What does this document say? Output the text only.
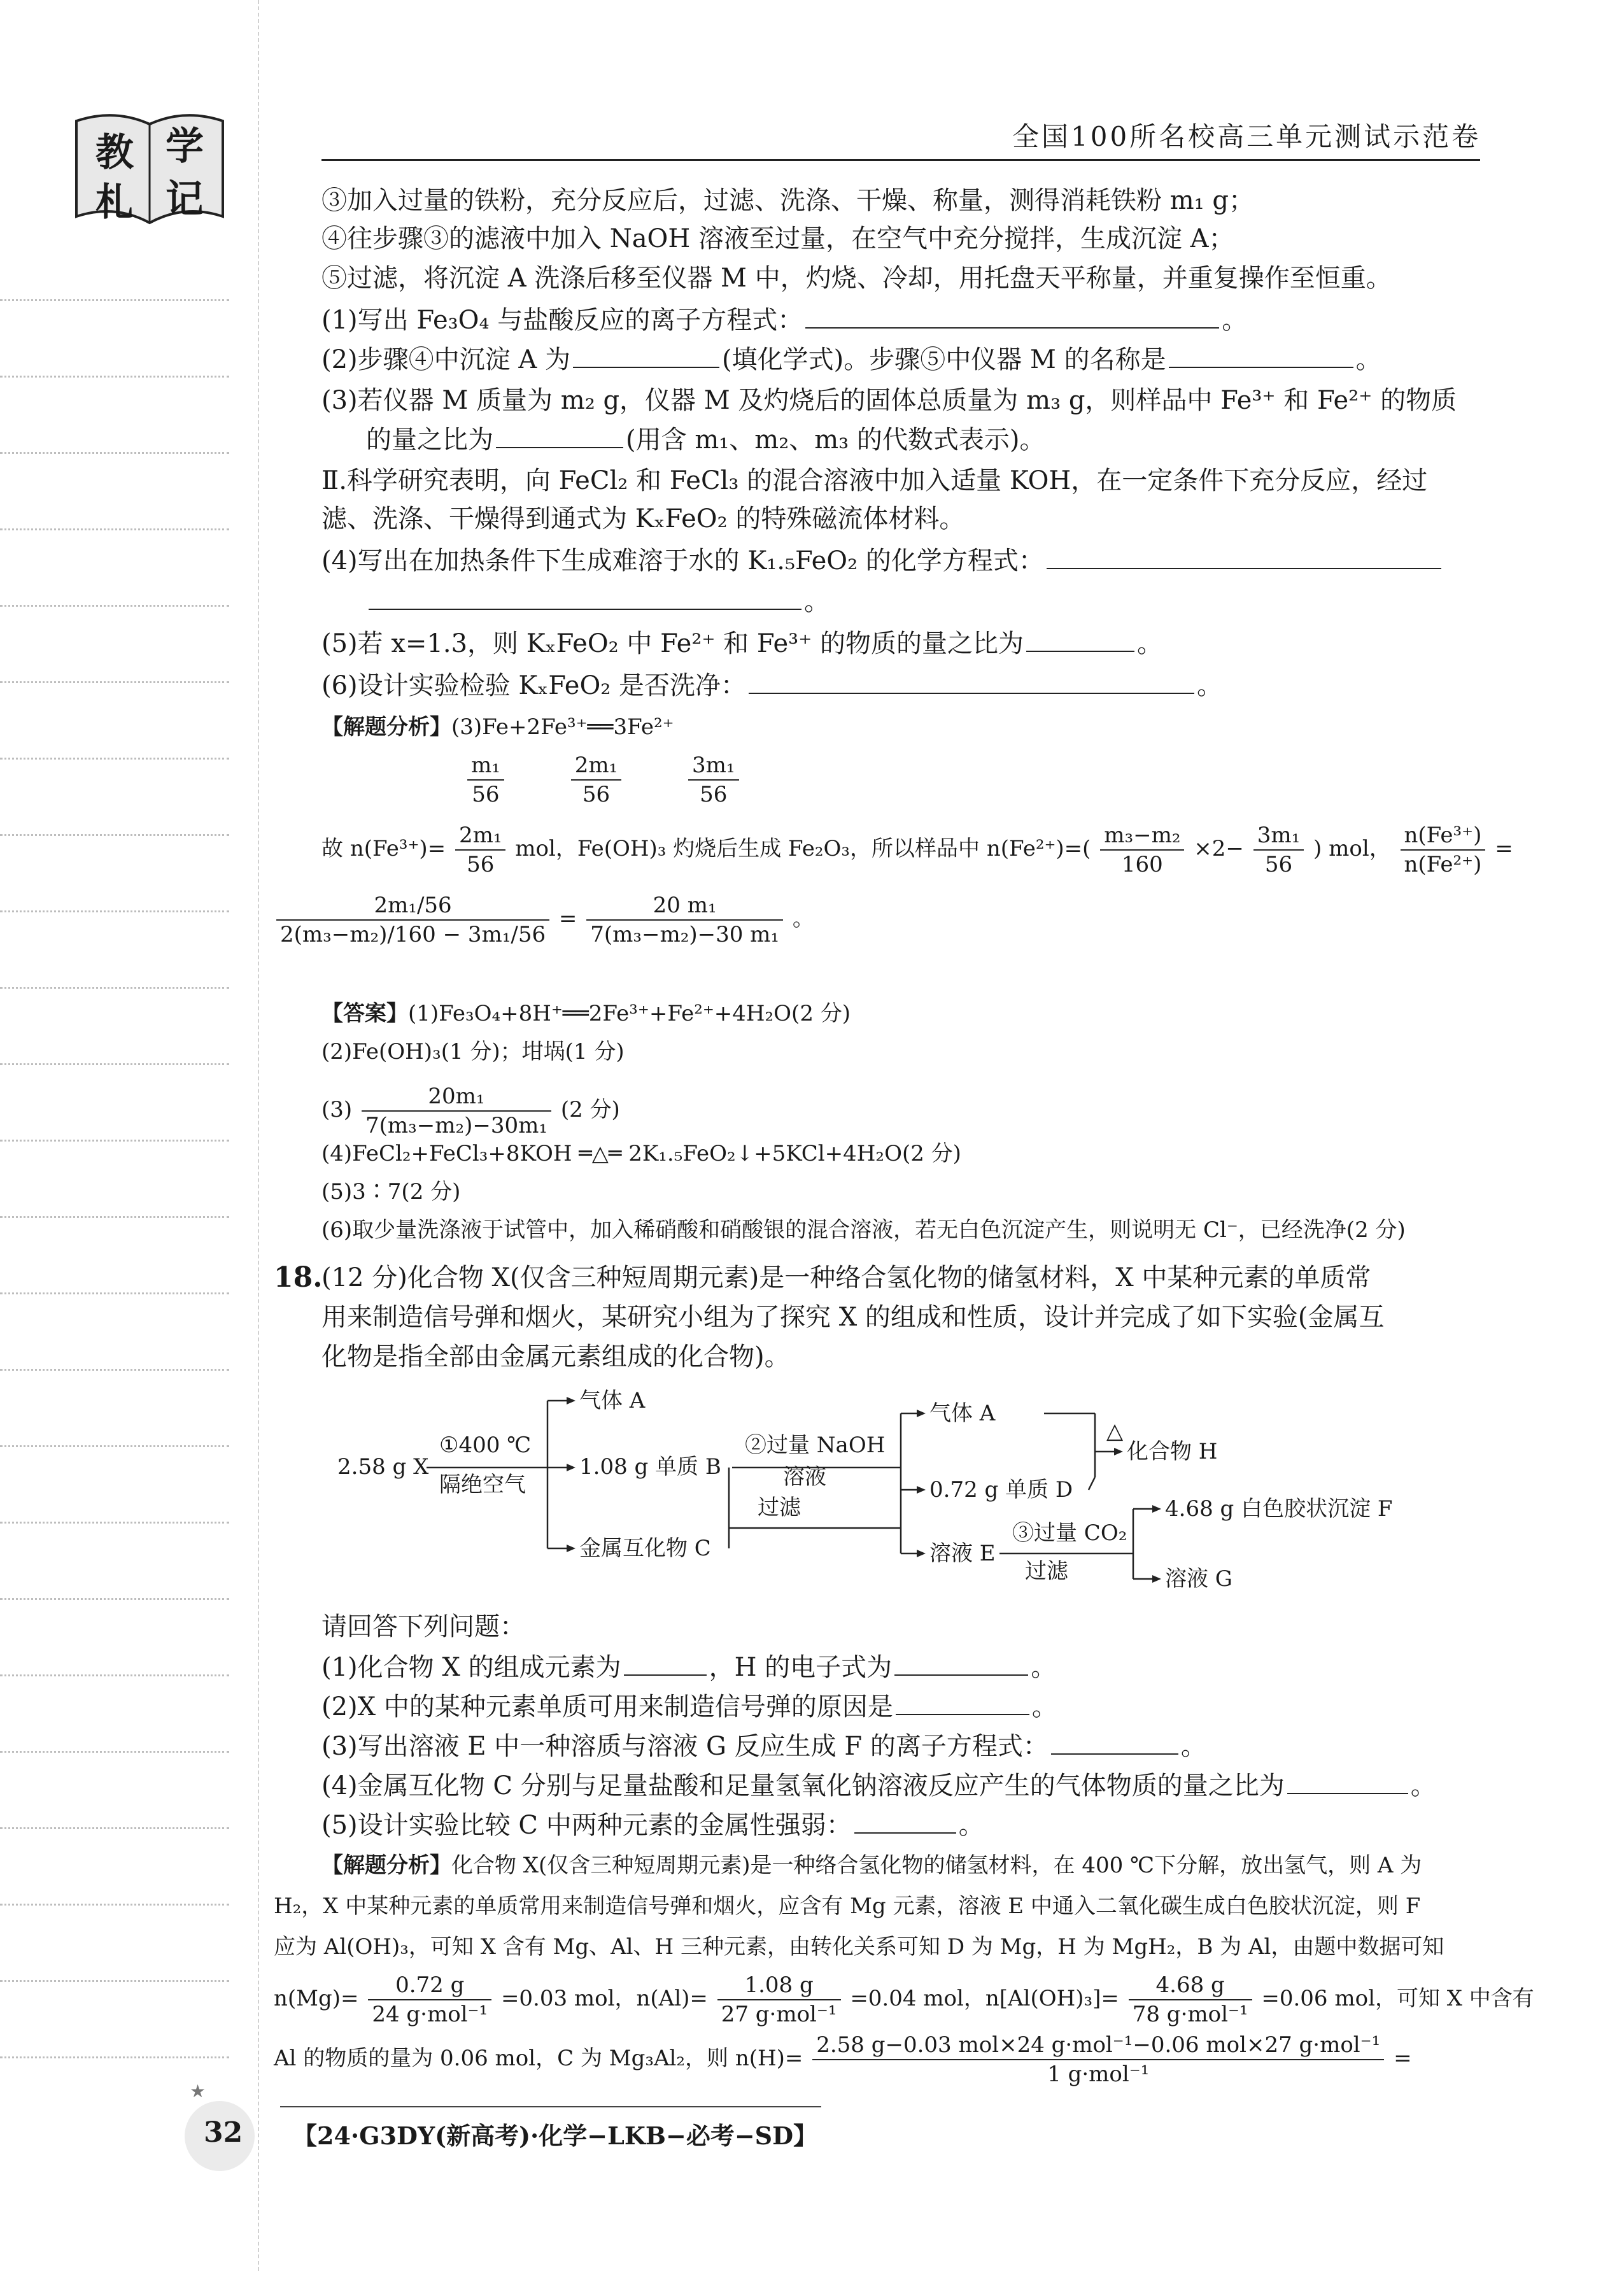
教 学
札 记
全国100所名校高三单元测试示范卷
③加入过量的铁粉，充分反应后，过滤、洗涤、干燥、称量，测得消耗铁粉 m₁ g；
④往步骤③的滤液中加入 NaOH 溶液至过量，在空气中充分搅拌，生成沉淀 A；
⑤过滤，将沉淀 A 洗涤后移至仪器 M 中，灼烧、冷却，用托盘天平称量，并重复操作至恒重。
(1)写出 Fe₃O₄ 与盐酸反应的离子方程式：	。
(2)步骤④中沉淀 A 为	(填化学式)。步骤⑤中仪器 M 的名称是	。
(3)若仪器 M 质量为 m₂ g，仪器 M 及灼烧后的固体总质量为 m₃ g，则样品中 Fe³⁺ 和 Fe²⁺ 的物质
的量之比为	(用含 m₁、m₂、m₃ 的代数式表示)。
Ⅱ.科学研究表明，向 FeCl₂ 和 FeCl₃ 的混合溶液中加入适量 KOH，在一定条件下充分反应，经过
滤、洗涤、干燥得到通式为 KₓFeO₂ 的特殊磁流体材料。
(4)写出在加热条件下生成难溶于水的 K₁.₅FeO₂ 的化学方程式：
。
(5)若 x=1.3，则 KₓFeO₂ 中 Fe²⁺ 和 Fe³⁺ 的物质的量之比为	。
(6)设计实验检验 KₓFeO₂ 是否洗净：	。
【解题分析】(3)Fe+2Fe³⁺══3Fe²⁺
$\frac{\text{m₁}}{56}$
	$\frac{\text{2m₁}}{56}$
	$\frac{\text{3m₁}}{56}$
故 $n(Fe^{3+})= \frac{\text{2m₁}}{56}$ mol，Fe(OH)₃ 灼烧后生成 Fe₂O₃，所以样品中 $n(Fe^{2+})=( \frac{\text{m₃−m₂}}{160} \times 2- \frac{\text{3m₁}}{56}$ ) mol， $\frac{\text{n(Fe³⁺)}}{\text{n(Fe²⁺)}}$ =
$\frac{\text{2m₁/56}}{\text{2(m₃−m₂)/160 − 3m₁/56}} = \frac{\text{20 m₁}}{\text{7(m₃−m₂)−30 m₁}}$ 。
【答案】(1)Fe₃O₄+8H⁺══2Fe³⁺+Fe²⁺+4H₂O(2 分)
(2)Fe(OH)₃(1 分)；坩埚(1 分)
$(3) \frac{\text{20m₁}}{\text{7(m₃−m₂)−30m₁}} (2$ 分)
(4)FeCl₂+FeCl₃+8KOH ═△═ 2K₁.₅FeO₂↓+5KCl+4H₂O(2 分)
(5)3∶7(2 分)
(6)取少量洗涤液于试管中，加入稀硝酸和硝酸银的混合溶液，若无白色沉淀产生，则说明无 Cl⁻，已经洗净(2 分)
18.
(12 分)化合物 X(仅含三种短周期元素)是一种络合氢化物的储氢材料，X 中某种元素的单质常
用来制造信号弹和烟火，某研究小组为了探究 X 的组成和性质，设计并完成了如下实验(金属互
化物是指全部由金属元素组成的化合物)。
2.58 g X
①400 ℃
隔绝空气
气体 A
1.08 g 单质 B
金属互化物 C
②过量 NaOH
溶液
过滤
气体 A
0.72 g 单质 D
△
化合物 H
溶液 E
③过量 CO₂
过滤
4.68 g 白色胶状沉淀 F
溶液 G
请回答下列问题：
(1)化合物 X 的组成元素为	，H 的电子式为	。
(2)X 中的某种元素单质可用来制造信号弹的原因是	。
(3)写出溶液 E 中一种溶质与溶液 G 反应生成 F 的离子方程式：	。
(4)金属互化物 C 分别与足量盐酸和足量氢氧化钠溶液反应产生的气体物质的量之比为	。
(5)设计实验比较 C 中两种元素的金属性强弱：	。
【解题分析】化合物 X(仅含三种短周期元素)是一种络合氢化物的储氢材料，在 400 ℃下分解，放出氢气，则 A 为
H₂，X 中某种元素的单质常用来制造信号弹和烟火，应含有 Mg 元素，溶液 E 中通入二氧化碳生成白色胶状沉淀，则 F
应为 Al(OH)₃，可知 X 含有 Mg、Al、H 三种元素，由转化关系可知 D 为 Mg，H 为 MgH₂，B 为 Al，由题中数据可知
$n(Mg)= \frac{0.72 g}{\text{24 g·mol⁻¹}} =0.03$ mol，$n(Al)= \frac{1.08 g}{\text{27 g·mol⁻¹}} =0.04$ mol，$n[Al(OH)_3]= \frac{4.68 g}{\text{78 g·mol⁻¹}} =0.06$ mol，可知 X 中含有
Al 的物质的量为 0.06 mol，C 为 Mg₃Al₂，则 $n(H)= \frac{\text{2.58 g−0.03 mol×24 g·mol⁻¹−0.06 mol×27 g·mol⁻¹}}{\text{1 g·mol⁻¹}}$ =
★
32 【24·G3DY(新高考)·化学−LKB−必考−SD】
